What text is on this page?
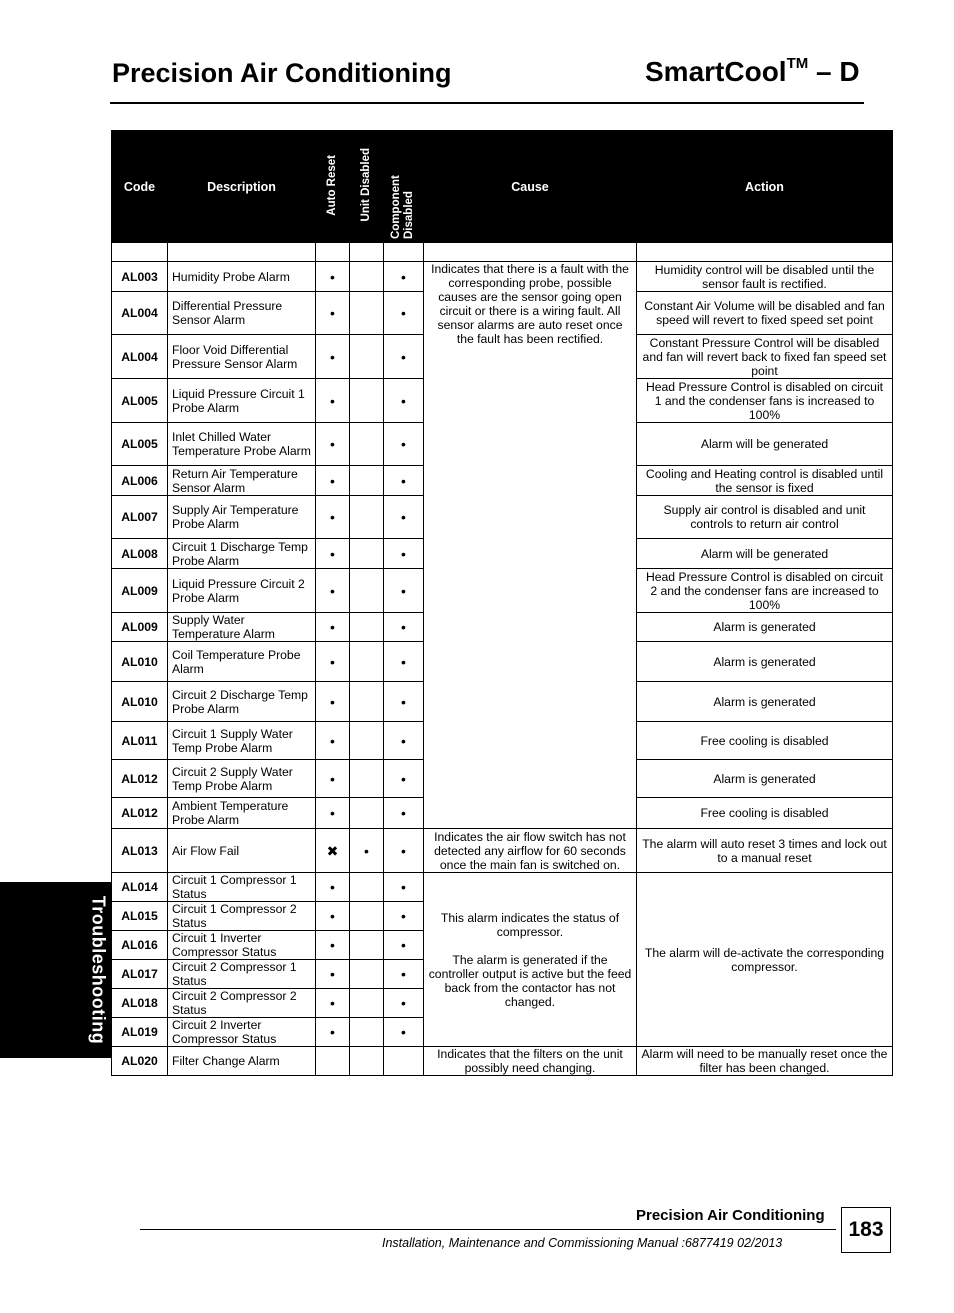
Precision Air Conditioning	SmartCool™ – D
Troubleshooting
Code	Description	Auto Reset	Unit Disabled	Component Disabled	Cause	Action

AL003	Humidity Probe Alarm	•		•	Indicates that there is a fault with the corresponding probe, possible causes are the sensor going open circuit or there is a wiring fault. All sensor alarms are auto reset once the fault has been rectified.	Humidity control will be disabled until the sensor fault is rectified.
AL004	Differential Pressure Sensor Alarm	•		•		Constant Air Volume will be disabled and fan speed will revert to fixed speed set point
AL004	Floor Void Differential Pressure Sensor Alarm	•		•		Constant Pressure Control will be disabled and fan will revert back to fixed fan speed set point
AL005	Liquid Pressure Circuit 1 Probe Alarm	•		•		Head Pressure Control is disabled on circuit 1 and the condenser fans is increased to 100%
AL005	Inlet Chilled Water Temperature Probe Alarm	•		•		Alarm will be generated
AL006	Return Air Temperature Sensor Alarm	•		•		Cooling and Heating control is disabled until the sensor is fixed
AL007	Supply Air Temperature Probe Alarm	•		•		Supply air control is disabled and unit controls to return air control
AL008	Circuit 1 Discharge Temp Probe Alarm	•		•		Alarm will be generated
AL009	Liquid Pressure Circuit 2 Probe Alarm	•		•		Head Pressure Control is disabled on circuit 2 and the condenser fans are increased to 100%
AL009	Supply Water Temperature Alarm	•		•		Alarm is generated
AL010	Coil Temperature Probe Alarm	•		•		Alarm is generated
AL010	Circuit 2 Discharge Temp Probe Alarm	•		•		Alarm is generated
AL011	Circuit 1 Supply Water Temp Probe Alarm	•		•		Free cooling is disabled
AL012	Circuit 2 Supply Water Temp Probe Alarm	•		•		Alarm is generated
AL012	Ambient Temperature Probe Alarm	•		•		Free cooling is disabled
AL013	Air Flow Fail	✖	•	•	Indicates the air flow switch has not detected any airflow for 60 seconds once the main fan is switched on.	The alarm will auto reset 3 times and lock out to a manual reset
AL014	Circuit 1 Compressor 1 Status	•		•	This alarm indicates the status of compressor.
The alarm is generated if the controller output is active but the feed back from the contactor has not changed.	The alarm will de-activate the corresponding compressor.
AL015	Circuit 1 Compressor 2 Status	•		•		
AL016	Circuit 1 Inverter Compressor Status	•		•		
AL017	Circuit 2 Compressor 1 Status	•		•		
AL018	Circuit 2 Compressor 2 Status	•		•		
AL019	Circuit 2 Inverter Compressor Status	•		•		
AL020	Filter Change Alarm				Indicates that the filters on the unit possibly need changing.	Alarm will need to be manually reset once the filter has been changed.
Precision Air Conditioning
Installation, Maintenance and Commissioning Manual :6877419 02/2013
183
